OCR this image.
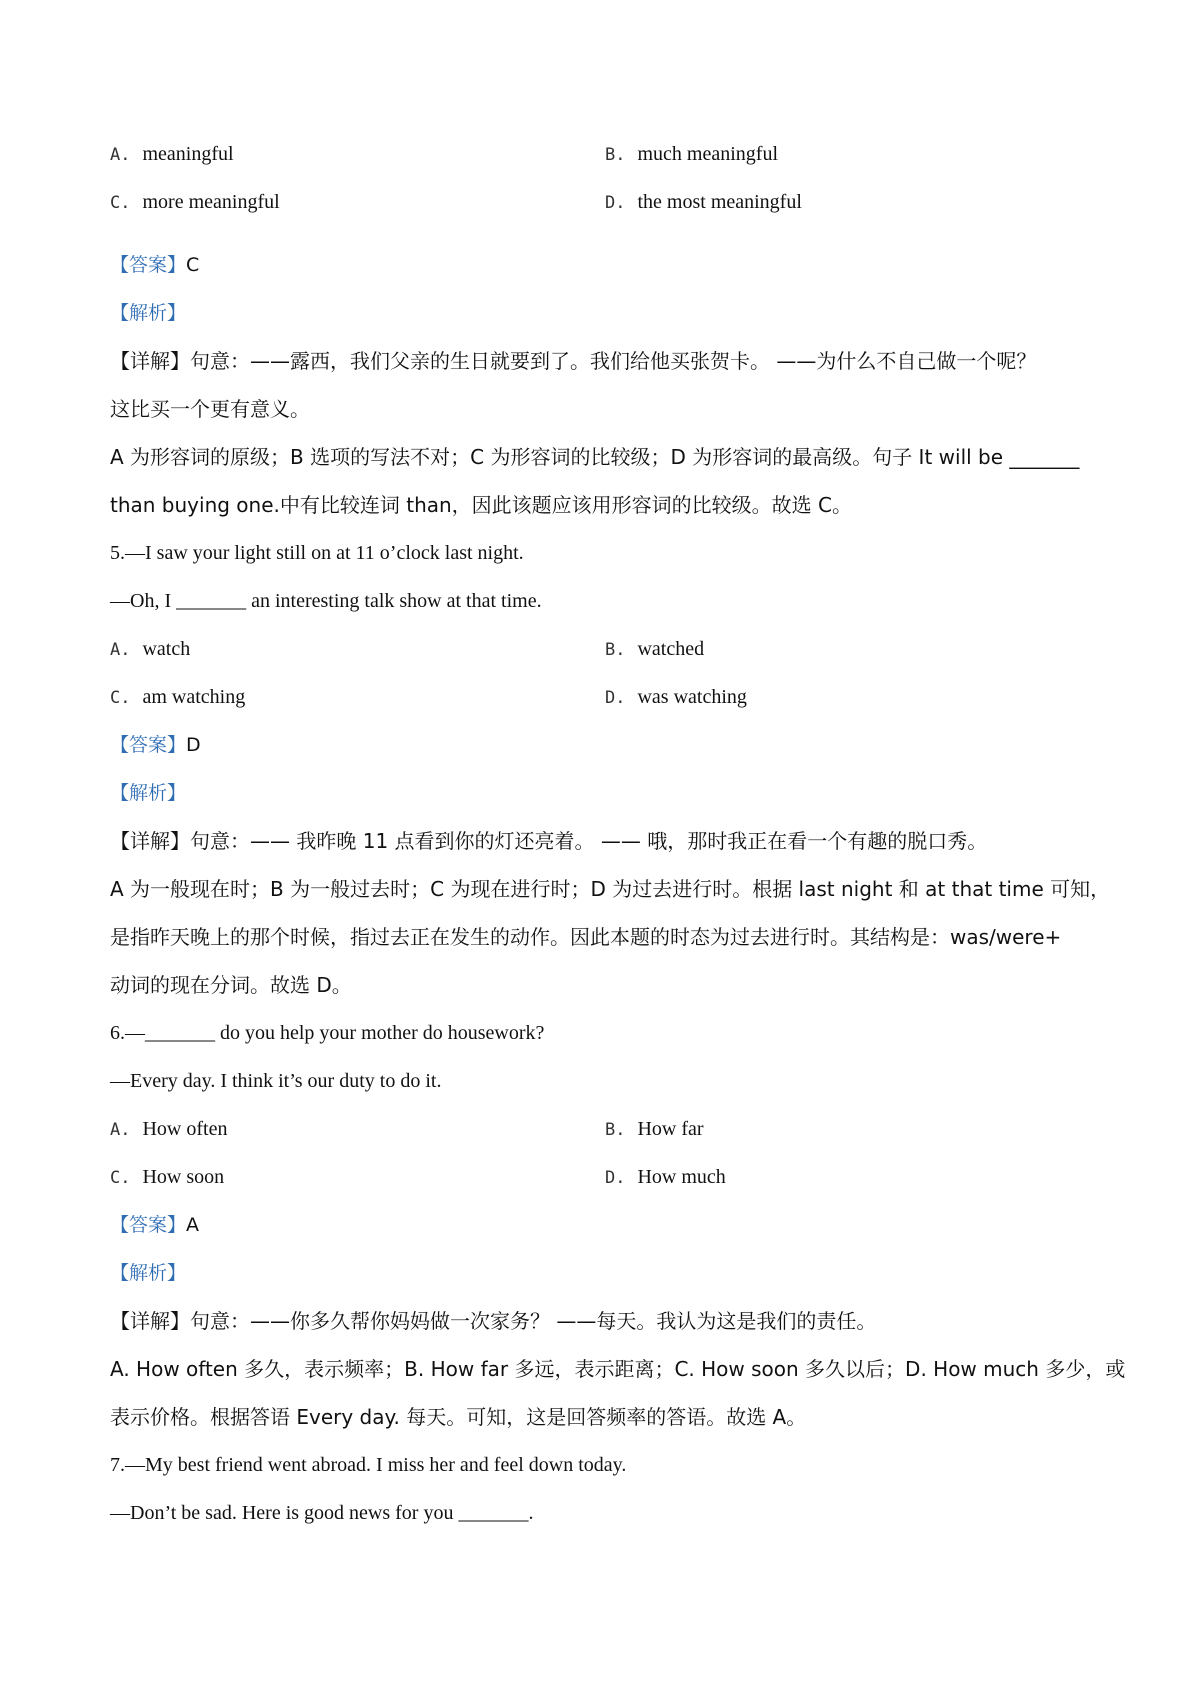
A. meaningful	B. much meaningful
C. more meaningful	D. the most meaningful
【答案】C
【解析】
【详解】句意：——露西，我们父亲的生日就要到了。我们给他买张贺卡。 ——为什么不自己做一个呢？
这比买一个更有意义。
A 为形容词的原级；B 选项的写法不对；C 为形容词的比较级；D 为形容词的最高级。句子 It will be _______
than buying one.中有比较连词 than，因此该题应该用形容词的比较级。故选 C。
5.—I saw your light still on at 11 o’clock last night.
—Oh, I _______ an interesting talk show at that time.
A. watch	B. watched
C. am watching	D. was watching
【答案】D
【解析】
【详解】句意：—— 我昨晚 11 点看到你的灯还亮着。 —— 哦，那时我正在看一个有趣的脱口秀。
A 为一般现在时；B 为一般过去时；C 为现在进行时；D 为过去进行时。根据 last night 和 at that time 可知，
是指昨天晚上的那个时候，指过去正在发生的动作。因此本题的时态为过去进行时。其结构是：was/were+
动词的现在分词。故选 D。
6.—_______ do you help your mother do housework?
—Every day. I think it’s our duty to do it.
A. How often	B. How far
C. How soon	D. How much
【答案】A
【解析】
【详解】句意：——你多久帮你妈妈做一次家务？ ——每天。我认为这是我们的责任。
A. How often 多久，表示频率；B. How far 多远，表示距离；C. How soon 多久以后；D. How much 多少，或
表示价格。根据答语 Every day. 每天。可知，这是回答频率的答语。故选 A。
7.—My best friend went abroad. I miss her and feel down today.
—Don’t be sad. Here is good news for you _______.
